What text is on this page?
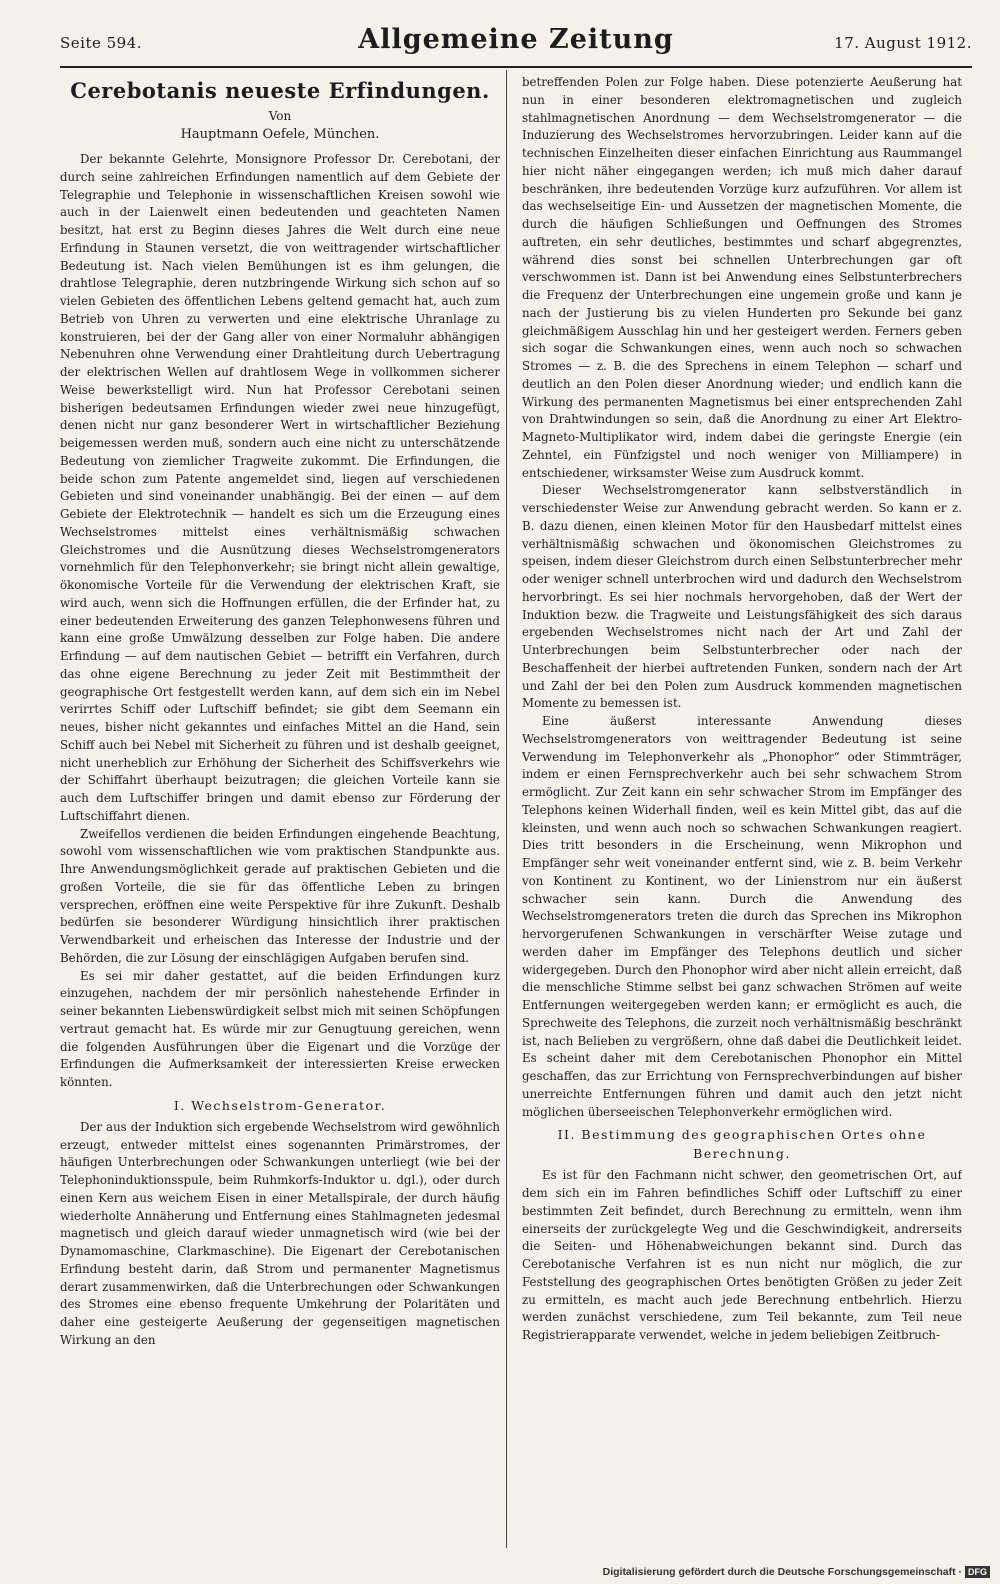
Seite 594.	Allgemeine Zeitung	17. August 1912.
Cerebotanis neueste Erfindungen.
Von
Hauptmann Oefele, München.

Der bekannte Gelehrte, Monsignore Professor Dr. Cerebotani, der durch seine zahlreichen Erfindungen namentlich auf dem Gebiete der Telegraphie und Telephonie in wissenschaftlichen Kreisen sowohl wie auch in der Laienwelt einen bedeutenden und geachteten Namen besitzt, hat erst zu Beginn dieses Jahres die Welt durch eine neue Erfindung in Staunen versetzt, die von weittragender wirtschaftlicher Bedeutung ist. Nach vielen Bemühungen ist es ihm gelungen, die drahtlose Telegraphie, deren nutzbringende Wirkung sich schon auf so vielen Gebieten des öffentlichen Lebens geltend gemacht hat, auch zum Betrieb von Uhren zu verwerten und eine elektrische Uhranlage zu konstruieren, bei der der Gang aller von einer Normaluhr abhängigen Nebenuhren ohne Verwendung einer Drahtleitung durch Uebertragung der elektrischen Wellen auf drahtlosem Wege in vollkommen sicherer Weise bewerkstelligt wird. Nun hat Professor Cerebotani seinen bisherigen bedeutsamen Erfindungen wieder zwei neue hinzugefügt, denen nicht nur ganz besonderer Wert in wirtschaftlicher Beziehung beigemessen werden muß, sondern auch eine nicht zu unterschätzende Bedeutung von ziemlicher Tragweite zukommt. Die Erfindungen, die beide schon zum Patente angemeldet sind, liegen auf verschiedenen Gebieten und sind voneinander unabhängig. Bei der einen — auf dem Gebiete der Elektrotechnik — handelt es sich um die Erzeugung eines Wechselstromes mittelst eines verhältnismäßig schwachen Gleichstromes und die Ausnützung dieses Wechselstromgenerators vornehmlich für den Telephonverkehr; sie bringt nicht allein gewaltige, ökonomische Vorteile für die Verwendung der elektrischen Kraft, sie wird auch, wenn sich die Hoffnungen erfüllen, die der Erfinder hat, zu einer bedeutenden Erweiterung des ganzen Telephonwesens führen und kann eine große Umwälzung desselben zur Folge haben. Die andere Erfindung — auf dem nautischen Gebiet — betrifft ein Verfahren, durch das ohne eigene Berechnung zu jeder Zeit mit Bestimmtheit der geographische Ort festgestellt werden kann, auf dem sich ein im Nebel verirrtes Schiff oder Luftschiff befindet; sie gibt dem Seemann ein neues, bisher nicht gekanntes und einfaches Mittel an die Hand, sein Schiff auch bei Nebel mit Sicherheit zu führen und ist deshalb geeignet, nicht unerheblich zur Erhöhung der Sicherheit des Schiffsverkehrs wie der Schiffahrt überhaupt beizutragen; die gleichen Vorteile kann sie auch dem Luftschiffer bringen und damit ebenso zur Förderung der Luftschiffahrt dienen.

Zweifellos verdienen die beiden Erfindungen eingehende Beachtung, sowohl vom wissenschaftlichen wie vom praktischen Standpunkte aus. Ihre Anwendungsmöglichkeit gerade auf praktischen Gebieten und die großen Vorteile, die sie für das öffentliche Leben zu bringen versprechen, eröffnen eine weite Perspektive für ihre Zukunft. Deshalb bedürfen sie besonderer Würdigung hinsichtlich ihrer praktischen Verwendbarkeit und erheischen das Interesse der Industrie und der Behörden, die zur Lösung der einschlägigen Aufgaben berufen sind.

Es sei mir daher gestattet, auf die beiden Erfindungen kurz einzugehen, nachdem der mir persönlich nahestehende Erfinder in seiner bekannten Liebenswürdigkeit selbst mich mit seinen Schöpfungen vertraut gemacht hat. Es würde mir zur Genugtuung gereichen, wenn die folgenden Ausführungen über die Eigenart und die Vorzüge der Erfindungen die Aufmerksamkeit der interessierten Kreise erwecken könnten.

I. Wechselstrom-Generator.

Der aus der Induktion sich ergebende Wechselstrom wird gewöhnlich erzeugt, entweder mittelst eines sogenannten Primärstromes, der häufigen Unterbrechungen oder Schwankungen unterliegt (wie bei der Telephoninduktionsspule, beim Ruhmkorfs-Induktor u. dgl.), oder durch einen Kern aus weichem Eisen in einer Metallspirale, der durch häufig wiederholte Annäherung und Entfernung eines Stahlmagneten jedesmal magnetisch und gleich darauf wieder unmagnetisch wird (wie bei der Dynamomaschine, Clarkmaschine). Die Eigenart der Cerebotanischen Erfindung besteht darin, daß Strom und permanenter Magnetismus derart zusammenwirken, daß die Unterbrechungen oder Schwankungen des Stromes eine ebenso frequente Umkehrung der Polaritäten und daher eine gesteigerte Aeußerung der gegenseitigen magnetischen Wirkung an den

betreffenden Polen zur Folge haben. Diese potenzierte Aeußerung hat nun in einer besonderen elektromagnetischen und zugleich stahlmagnetischen Anordnung — dem Wechselstromgenerator — die Induzierung des Wechselstromes hervorzubringen. Leider kann auf die technischen Einzelheiten dieser einfachen Einrichtung aus Raummangel hier nicht näher eingegangen werden; ich muß mich daher darauf beschränken, ihre bedeutenden Vorzüge kurz aufzuführen. Vor allem ist das wechselseitige Ein- und Aussetzen der magnetischen Momente, die durch die häufigen Schließungen und Oeffnungen des Stromes auftreten, ein sehr deutliches, bestimmtes und scharf abgegrenztes, während dies sonst bei schnellen Unterbrechungen gar oft verschwommen ist. Dann ist bei Anwendung eines Selbstunterbrechers die Frequenz der Unterbrechungen eine ungemein große und kann je nach der Justierung bis zu vielen Hunderten pro Sekunde bei ganz gleichmäßigem Ausschlag hin und her gesteigert werden. Ferners geben sich sogar die Schwankungen eines, wenn auch noch so schwachen Stromes — z. B. die des Sprechens in einem Telephon — scharf und deutlich an den Polen dieser Anordnung wieder; und endlich kann die Wirkung des permanenten Magnetismus bei einer entsprechenden Zahl von Drahtwindungen so sein, daß die Anordnung zu einer Art Elektro-Magneto-Multiplikator wird, indem dabei die geringste Energie (ein Zehntel, ein Fünfzigstel und noch weniger von Milliampere) in entschiedener, wirksamster Weise zum Ausdruck kommt.

Dieser Wechselstromgenerator kann selbstverständlich in verschiedenster Weise zur Anwendung gebracht werden. So kann er z. B. dazu dienen, einen kleinen Motor für den Hausbedarf mittelst eines verhältnismäßig schwachen und ökonomischen Gleichstromes zu speisen, indem dieser Gleichstrom durch einen Selbstunterbrecher mehr oder weniger schnell unterbrochen wird und dadurch den Wechselstrom hervorbringt. Es sei hier nochmals hervorgehoben, daß der Wert der Induktion bezw. die Tragweite und Leistungsfähigkeit des sich daraus ergebenden Wechselstromes nicht nach der Art und Zahl der Unterbrechungen beim Selbstunterbrecher oder nach der Beschaffenheit der hierbei auftretenden Funken, sondern nach der Art und Zahl der bei den Polen zum Ausdruck kommenden magnetischen Momente zu bemessen ist.

Eine äußerst interessante Anwendung dieses Wechselstromgenerators von weittragender Bedeutung ist seine Verwendung im Telephonverkehr als „Phonophor“ oder Stimmträger, indem er einen Fernsprechverkehr auch bei sehr schwachem Strom ermöglicht. Zur Zeit kann ein sehr schwacher Strom im Empfänger des Telephons keinen Widerhall finden, weil es kein Mittel gibt, das auf die kleinsten, und wenn auch noch so schwachen Schwankungen reagiert. Dies tritt besonders in die Erscheinung, wenn Mikrophon und Empfänger sehr weit voneinander entfernt sind, wie z. B. beim Verkehr von Kontinent zu Kontinent, wo der Linienstrom nur ein äußerst schwacher sein kann. Durch die Anwendung des Wechselstromgenerators treten die durch das Sprechen ins Mikrophon hervorgerufenen Schwankungen in verschärfter Weise zutage und werden daher im Empfänger des Telephons deutlich und sicher widergegeben. Durch den Phonophor wird aber nicht allein erreicht, daß die menschliche Stimme selbst bei ganz schwachen Strömen auf weite Entfernungen weitergegeben werden kann; er ermöglicht es auch, die Sprechweite des Telephons, die zurzeit noch verhältnismäßig beschränkt ist, nach Belieben zu vergrößern, ohne daß dabei die Deutlichkeit leidet. Es scheint daher mit dem Cerebotanischen Phonophor ein Mittel geschaffen, das zur Errichtung von Fernsprechverbindungen auf bisher unerreichte Entfernungen führen und damit auch den jetzt nicht möglichen überseeischen Telephonverkehr ermöglichen wird.

II. Bestimmung des geographischen Ortes ohne Berechnung.

Es ist für den Fachmann nicht schwer, den geometrischen Ort, auf dem sich ein im Fahren befindliches Schiff oder Luftschiff zu einer bestimmten Zeit befindet, durch Berechnung zu ermitteln, wenn ihm einerseits der zurückgelegte Weg und die Geschwindigkeit, andrerseits die Seiten- und Höhenabweichungen bekannt sind. Durch das Cerebotanische Verfahren ist es nun nicht nur möglich, die zur Feststellung des geographischen Ortes benötigten Größen zu jeder Zeit zu ermitteln, es macht auch jede Berechnung entbehrlich. Hierzu werden zunächst verschiedene, zum Teil bekannte, zum Teil neue Registrierapparate verwendet, welche in jedem beliebigen Zeitbruch-

Digitalisierung gefördert durch die Deutsche Forschungsgemeinschaft · DFG
